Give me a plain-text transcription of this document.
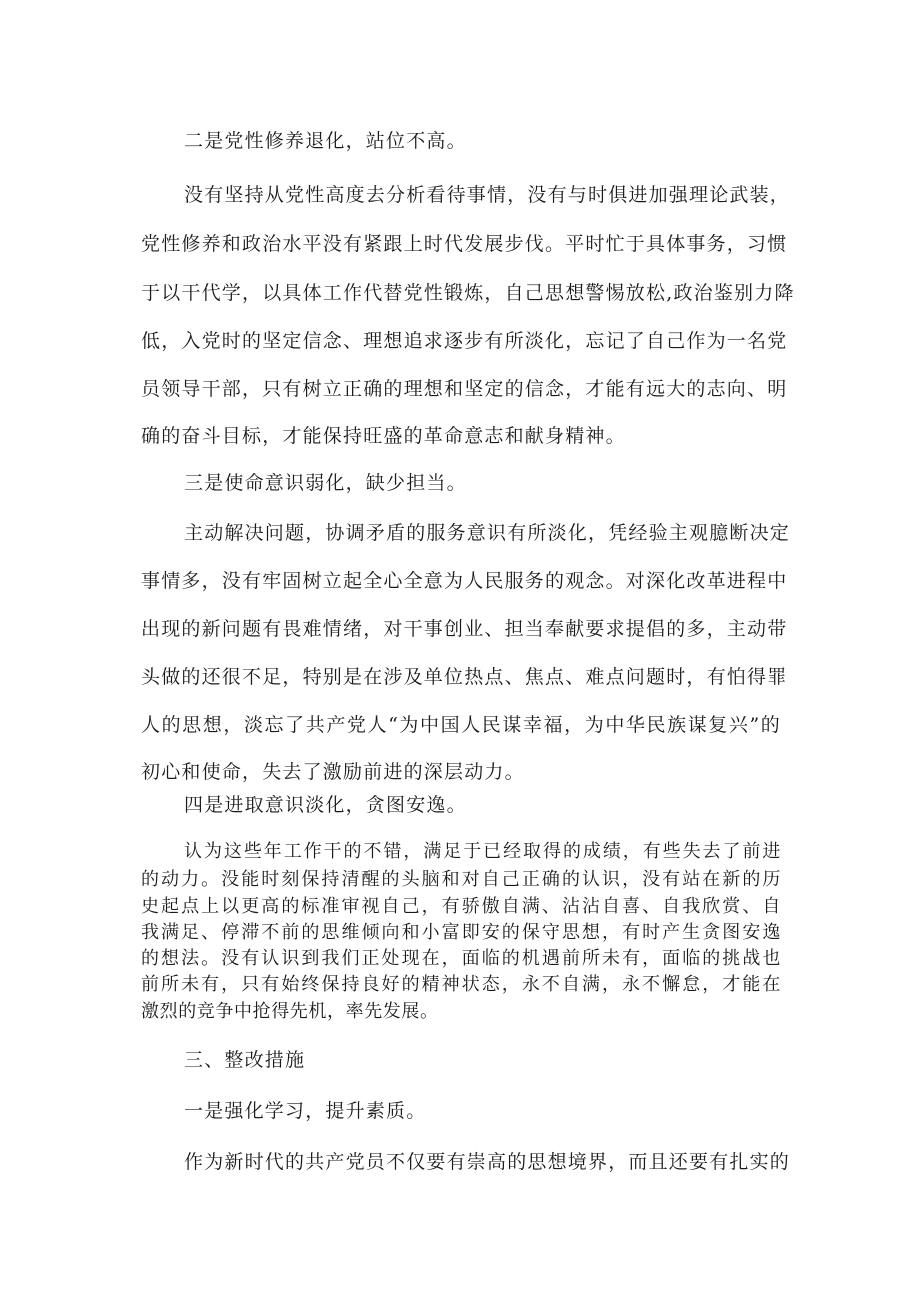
二是党性修养退化，站位不高。

没有坚持从党性高度去分析看待事情，没有与时俱进加强理论武装，

党性修养和政治水平没有紧跟上时代发展步伐。平时忙于具体事务，习惯

于以干代学，以具体工作代替党性锻炼，自己思想警惕放松,政治鉴别力降

低，入党时的坚定信念、理想追求逐步有所淡化，忘记了自己作为一名党

员领导干部，只有树立正确的理想和坚定的信念，才能有远大的志向、明

确的奋斗目标，才能保持旺盛的革命意志和献身精神。

三是使命意识弱化，缺少担当。

主动解决问题，协调矛盾的服务意识有所淡化，凭经验主观臆断决定

事情多，没有牢固树立起全心全意为人民服务的观念。对深化改革进程中

出现的新问题有畏难情绪，对干事创业、担当奉献要求提倡的多，主动带

头做的还很不足，特别是在涉及单位热点、焦点、难点问题时，有怕得罪

人的思想，淡忘了共产党人“为中国人民谋幸福，为中华民族谋复兴”的

初心和使命，失去了激励前进的深层动力。

四是进取意识淡化，贪图安逸。

认为这些年工作干的不错，满足于已经取得的成绩，有些失去了前进

的动力。没能时刻保持清醒的头脑和对自己正确的认识，没有站在新的历

史起点上以更高的标准审视自己，有骄傲自满、沾沾自喜、自我欣赏、自

我满足、停滞不前的思维倾向和小富即安的保守思想，有时产生贪图安逸

的想法。没有认识到我们正处现在，面临的机遇前所未有，面临的挑战也

前所未有，只有始终保持良好的精神状态，永不自满，永不懈怠，才能在

激烈的竞争中抢得先机，率先发展。

三、整改措施

一是强化学习，提升素质。

作为新时代的共产党员不仅要有崇高的思想境界，而且还要有扎实的
